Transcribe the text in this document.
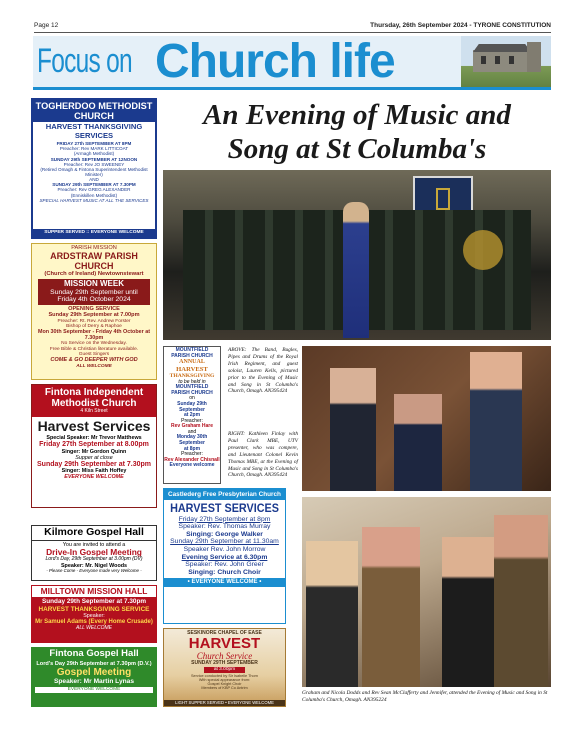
Page 12	Thursday, 26th September 2024 - TYRONE CONSTITUTION
Focus on Church life
An Evening of Music and
Song at St Columba's
ABOVE: The Band, Bugles, Pipes and Drums of the Royal Irish Regiment, and guest soloist, Lauren Kells, pictured prior to the Evening of Music and Song in St Columba's Church, Omagh. AN395424
RIGHT: Kathleen Finlay with Paul Clark MBE, UTV presenter, who was compere, and Lieutenant Colonel Kevin Thomas MBE, at the Evening of Music and Song in St Columba's Church, Omagh. AN395424
Graham and Nicola Dodds and Rev Sean McClafferty and Jennifer, attended the Evening of Music and Song in St Columba's Church, Omagh. AN395224
TOGHERDOO METHODIST CHURCH
HARVEST THANKSGIVING SERVICES
FRIDAY 27th SEPTEMBER AT 8PM
Preacher: Rev MARK LITTICOAT
(Armagh Methodist)
SUNDAY 29th SEPTEMBER AT 12NOON
Preacher: Rev JO SWEENEY
(Retired Omagh & Fintona Superintendent Methodist Minister)
AND
SUNDAY 29th SEPTEMBER AT 7.30PM
Preacher: Rev GREG ALEXANDER
(Enniskillen Methodist)
SPECIAL HARVEST MUSIC AT ALL THE SERVICES
SUPPER SERVED :: EVERYONE WELCOME
PARISH MISSION
ARDSTRAW PARISH CHURCH
(Church of Ireland) Newtownstewart
MISSION WEEK
Sunday 29th September until
Friday 4th October 2024
OPENING SERVICE
Sunday 29th September at 7.00pm
Preacher: Rt. Rev. Andrew Forster
Bishop of Derry & Raphoe
Mon 30th September - Friday 4th October at 7.30pm
No Service on the Wednesday.
Free Bible & Christian literature available.
Guest Singers
COME & GO DEEPER WITH GOD
ALL WELCOME
Fintona Independent
Methodist Church
4 Kiln Street
Harvest Services
Special Speaker: Mr Trevor Matthews
Friday 27th September at 8.00pm
Singer: Mr Gordon Quinn
Supper at close
Sunday 29th September at 7.30pm
Singer: Miss Faith Hoffey
EVERYONE WELCOME
Kilmore Gospel Hall
You are invited to attend a
Drive-In Gospel Meeting
Lord's Day, 29th September at 3.00pm (DV)
Speaker: Mr. Nigel Woods
- Please Come - Everyone made very Welcome -
MILLTOWN MISSION HALL
Sunday 29th September at 7.30pm
HARVEST THANKSGIVING SERVICE
Speaker:
Mr Samuel Adams (Every Home Crusade)
ALL WELCOME
Fintona Gospel Hall
Lord's Day 29th September at 7.30pm (D.V.)
Gospel Meeting
Speaker: Mr Martin Lynas
EVERYONE WELCOME
MOUNTFIELD
PARISH CHURCH
ANNUAL
HARVEST
THANKSGIVING
to be held in
MOUNTFIELD
PARISH CHURCH
on
Sunday 29th September
at 2pm
Preacher:
Rev Graham Hare
and
Monday 30th September
at 8pm
Preacher:
Rev Alexander Chisnall
Everyone welcome
Castlederg Free Presbyterian Church
HARVEST SERVICES
Friday 27th September at 8pm
Speaker: Rev. Thomas Murray
Singing: George Walker
Sunday 29th September at 11.30am
Speaker Rev. John Morrow
Evening Service at 6.30pm
Speaker: Rev. John Greer
Singing: Church Choir
• EVERYONE WELCOME •
SESKINORE CHAPEL OF EASE
HARVEST
Church Service
SUNDAY 29TH SEPTEMBER
at 3.00pm
Service conducted by Sir Isabelle Thorn
With special appearance from:
Gospel Knight Choir
Members of KBP Co Antrim
LIGHT SUPPER SERVED • EVERYONE WELCOME
